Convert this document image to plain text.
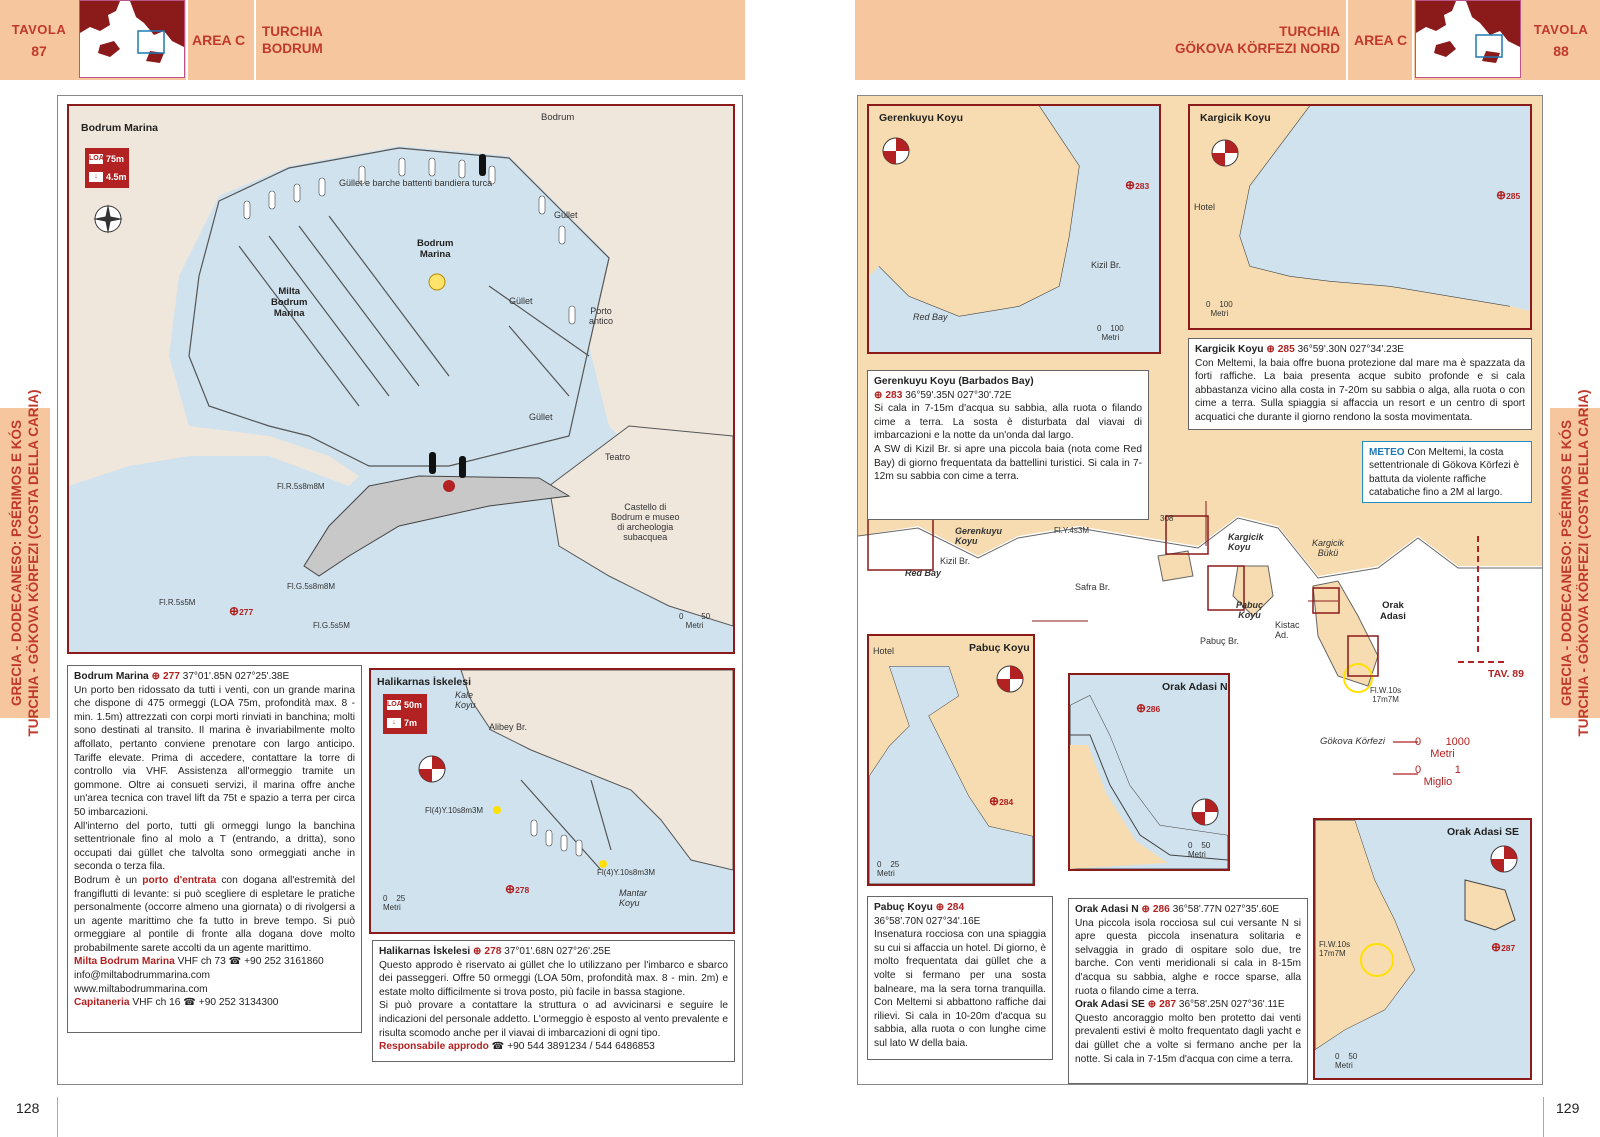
TAVOLA
87
AREA C
TURCHIA
BODRUM
GRECIA - DODECANESO: PSÉRIMOS E KÓS TURCHIA - GÖKOVA KÖRFEZI (COSTA DELLA CARIA)
Bodrum Marina
LOA 75m
↓ 4.5m
Bodrum
Güllet e barche battenti bandiera turca
Güllet
Güllet
Güllet
Bodrum
Marina
Milta
Bodrum
Marina	Porto
antico
Teatro
Castello di
Bodrum e museo
di archeologia
subacquea
Fl.R.5s8m8M
Fl.G.5s8m8M
Fl.R.5s5M
Fl.G.5s5M
⊕277	0        50
Metri
Bodrum Marina ⊕ 277 37°01'.85N 027°25'.38E

Un porto ben ridossato da tutti i venti, con un grande marina che dispone di 475 ormeggi (LOA 75m, profondità max. 8 - min. 1.5m) attrezzati con corpi morti rinviati in banchina; molti sono destinati al transito. Il marina è invariabilmente molto affollato, pertanto conviene prenotare con largo anticipo. Tariffe elevate. Prima di accedere, contattare la torre di controllo via VHF. Assistenza all'ormeggio tramite un gommone. Oltre ai consueti servizi, il marina offre anche un'area tecnica con travel lift da 75t e spazio a terra per circa 50 imbarcazioni.

All'interno del porto, tutti gli ormeggi lungo la banchina settentrionale fino al molo a T (entrando, a dritta), sono occupati dai güllet che talvolta sono ormeggiati anche in seconda o terza fila.

Bodrum è un porto d'entrata con dogana all'estremità del frangiflutti di levante: si può scegliere di espletare le pratiche personalmente (occorre almeno una giornata) o di rivolgersi a un agente marittimo che fa tutto in breve tempo. Si può ormeggiare al pontile di fronte alla dogana dove molto probabilmente sarete accolti da un agente marittimo.

Milta Bodrum Marina VHF ch 73 ☎ +90 252 3161860
info@miltabodrummarina.com
www.miltabodrummarina.com
Capitaneria VHF ch 16 ☎ +90 252 3134300
Halikarnas İskelesi
LOA 50m
↓ 7m
Kale
Koyu
Alibey Br.
Fl(4)Y.10s8m3M
Fl(4)Y.10s8m3M
⊕278	Mantar
Koyu
0    25
Metri
Halikarnas İskelesi ⊕ 278 37°01'.68N 027°26'.25E

Questo approdo è riservato ai güllet che lo utilizzano per l'imbarco e sbarco dei passeggeri. Offre 50 ormeggi (LOA 50m, profondità max. 8 - min. 2m) e estate molto difficilmente si trova posto, più facile in bassa stagione.

Si può provare a contattare la struttura o ad avvicinarsi e seguire le indicazioni del personale addetto. L'ormeggio è esposto al vento prevalente e risulta scomodo anche per il viavai di imbarcazioni di ogni tipo.

Responsabile approdo ☎ +90 544 3891234 / 544 6486853
128
TURCHIA
GÖKOVA KÖRFEZI NORD
AREA C
TAVOLA
88
GRECIA - DODECANESO: PSÉRIMOS E KÓS TURCHIA - GÖKOVA KÖRFEZI (COSTA DELLA CARIA)
Gerenkuyu Koyu
Red Bay
Kizil Br.
⊕283
0    100
Metri
Kargicik Koyu
Hotel
⊕285
0    100
Metri
Gerenkuyu Koyu (Barbados Bay)
⊕ 283 36°59'.35N 027°30'.72E

Si cala in 7-15m d'acqua su sabbia, alla ruota o filando cime a terra. La sosta è disturbata dal viavai di imbarcazioni e la notte da un'onda dal largo.

A SW di Kizil Br. si apre una piccola baia (nota come Red Bay) di giorno frequentata da battellini turistici. Si cala in 7-12m su sabbia con cime a terra.

Kargicik Koyu ⊕ 285 36°59'.30N 027°34'.23E

Con Meltemi, la baia offre buona protezione dal mare ma è spazzata da forti raffiche. La baia presenta acque subito profonde e si cala abbastanza vicino alla costa in 7-20m su sabbia o alga, alla ruota o con cime a terra. Sulla spiaggia si affaccia un resort e un centro di sport acquatici che durante il giorno rendono la sosta movimentata.

METEO Con Meltemi, la costa settentrionale di Gökova Körfezi è battuta da violente raffiche catabatiche fino a 2M al largo.
Gerenkuyu
Koyu
Red Bay
Kizil Br.
Fl.Y.4s3M
308
Kargicik
Koyu	Kargicik
Bükü
Safra Br.
Pabuç
Koyu
Pabuç Br.
Kistac
Ad.
Orak
Adasi
Fl.W.10s
17m7M
TAV. 89
Gökova Körfezi	0        1000
Metri
0           1
Miglio
Hotel	Pabuç Koyu
⊕284
0    25
Metri
Orak Adasi N
⊕286
0    50
Metri
Orak Adasi SE
Fl.W.10s
17m7M	⊕287
0    50
Metri
Pabuç Koyu ⊕ 284
36°58'.70N 027°34'.16E

Insenatura rocciosa con una spiaggia su cui si affaccia un hotel. Di giorno, è molto frequentata dai güllet che a volte si fermano per una sosta balneare, ma la sera torna tranquilla. Con Meltemi si abbattono raffiche dai rilievi. Si cala in 10-20m d'acqua su sabbia, alla ruota o con lunghe cime sul lato W della baia.

Orak Adasi N ⊕ 286 36°58'.77N 027°35'.60E

Una piccola isola rocciosa sul cui versante N si apre questa piccola insenatura solitaria e selvaggia in grado di ospitare solo due, tre barche. Con venti meridionali si cala in 8-15m d'acqua su sabbia, alghe e rocce sparse, alla ruota o filando cime a terra.

Orak Adasi SE ⊕ 287 36°58'.25N 027°36'.11E

Questo ancoraggio molto ben protetto dai venti prevalenti estivi è molto frequentato dagli yacht e dai güllet che a volte si fermano anche per la notte. Si cala in 7-15m d'acqua con cime a terra.

129
